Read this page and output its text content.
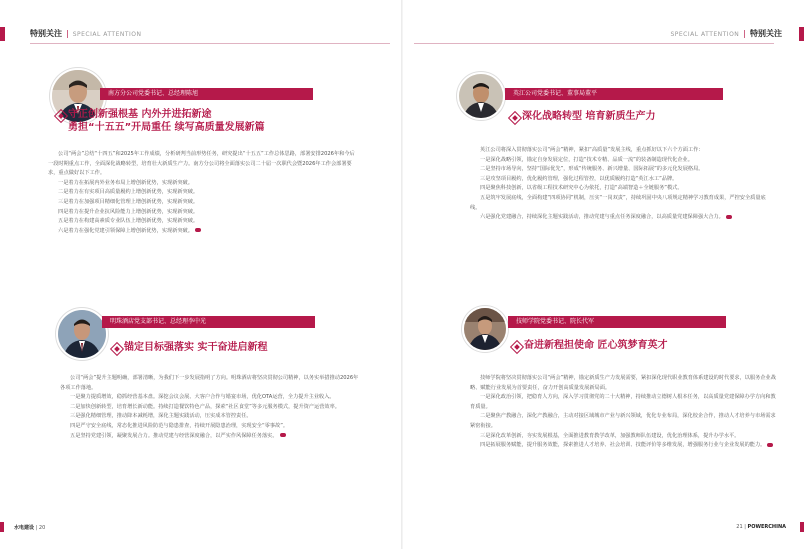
特别关注 | SPECIAL ATTENTION	SPECIAL ATTENTION | 特别关注
南方分公司党委书记、总经理陈旭
守正创新强根基 内外并进拓新途
勇担“十五五”开局重任 续写高质量发展新篇

公司“两会”总结“十四五”和2025年工作成绩，分析研判当前形势任务，研究提出“十五五”工作总体思路，部署安排2026年和今后一段时期重点工作，全面深化战略转型，培育壮大新质生产力。南方分公司将全面落实公司二十届一次职代会暨2026年工作会部署要求，重点做好以下工作。

一是着力在拓展内外业务布局上增创新优势，实现新突破。

二是着力在有实项目高质量履约上增创新优势，实现新突破。

三是着力在加强项目精细化管理上增创新优势，实现新突破。

四是着力在提升企业抗风险能力上增创新优势，实现新突破。

五是着力在构建高素质专业队伍上增创新优势，实现新突破。

六是着力在强化党建引领保障上增创新优势，实现新突破。

英江公司党委书记、董事局董平
深化战略转型 培育新质生产力

英江公司将深入贯彻落实公司“两会”精神，紧扣“高质量”发展主线，重点抓好以下六个方面工作：

一是深化战略引领，锚定自身发展定位，打造“技术专精、品质一流”的装备制造现代化企业。

二是坚持市场导向，坚持“国际优先”，形成“传统服务、新兴增量、国际拓展”的多元化发展格局。

三是攻坚项目履约，优化履约管理，强化过程管控，以优质履约打造“英江水工”品牌。

四是聚焦科技创新，以省级工程技术研究中心为依托，打造“高端智造＋全链服务”模式。

五是筑牢发展底线，全面构建“四项协同”机制，压实“一岗双责”，持续巩固中央八项规定精神学习教育成果，严控安全质量底线。

六是强化党建融合，持续深化主题实践活动，推动党建与重点任务深度融合，以高质量党建保障强大合力。

明珠酒店党支部书记、总经理李中光
锚定目标强落实 实干奋进启新程

公司“两会”提升主题明确，部署清晰，为我们下一步发展指明了方向。明珠酒店将坚决贯彻公司精神，以务实举措推动2026年各项工作落地。

一是聚力提质增效，稳抓经营基本盘。深挖会议会展、大客户合作与婚宴市场，优化OTA运营，全力提升主业收入。

二是加快创新转型，培育增长新动能。持续打造餐饮特色产品，探索“社区食堂”等多元服务模式，提升资产运营效率。

三是强化精细管理，推动降本减耗增，深化主题实践活动，压实成本管控责任。

四是严守安全底线，常态化推进风险防范与隐患排查，持续开展隐患治理，实现安全“零事故”。

五是坚持党建引领，凝聚发展合力。推动党建与经营深度融合，以严实作风保障任务落实。

技师学院党委书记、院长代军
奋进新程担使命 匠心筑梦育英才

技师学院将坚决贯彻落实公司“两会”精神，锚定新质生产力发展需要，紧扣深化现代职业教育体系建设的时代要求，以服务企业战略、赋能行业发展为首要责任，奋力开创高质量发展新局面。

一是深化政治引领，把稳育人方向，深入学习贯彻党的二十大精神，持续推动立德树人根本任务，以高质量党建保障办学方向和教育质量。

二是聚焦产教融合，深化产教融合，主动对接区域城市产业与新兴领域，优化专业布局，深化校企合作，推动人才培养与市场需求紧密衔接。

三是深化改革创新，夯实发展根基，全面推进教育教学改革，加强教师队伍建设，优化治理体系，提升办学水平。

四是拓展服务赋能，提升服务效能，探索推进人才培养、社会培训、技能评价等多维发展，增强服务行业与企业发展的能力。

水电建设 | 20	21 | POWERCHINA
